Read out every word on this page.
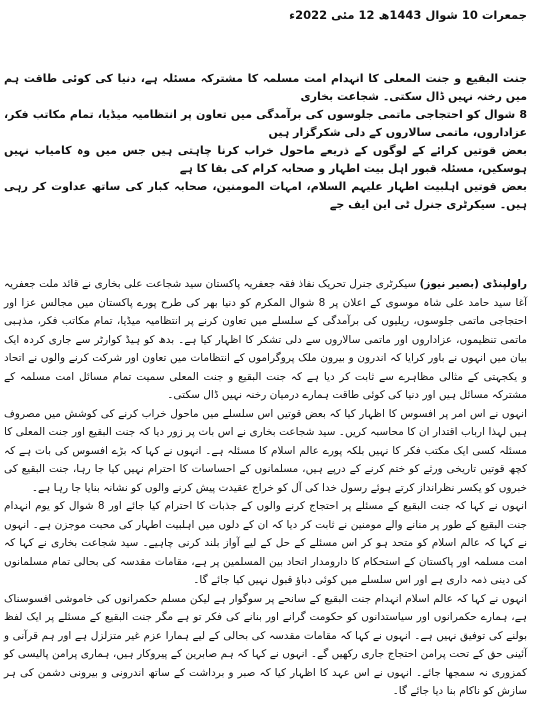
جمعرات 10 شوال 1443ھ 12 مئی 2022ء

جنت البقیع و جنت المعلی کا انہدام امت مسلمہ کا مشترکہ مسئلہ ہے، دنیا کی کوئی طاقت ہم میں رخنہ نہیں ڈال سکتی۔ شجاعت بخاری

8 شوال کو احتجاجی ماتمی جلوسوں کی برآمدگی میں تعاون پر انتظامیہ میڈیا، تمام مکاتب فکر، عزاداروں، ماتمی سالاروں کے دلی شکرگزار ہیں

بعض قوتیں کرائے کے لوگوں کے ذریعے ماحول خراب کرنا چاہتی ہیں جس میں وہ کامیاب نہیں ہوسکیں، مسئلہ قبور اہل بیت اطہار و صحابہ کرام کی بقا کا ہے

بعض قوتیں اہلبیت اطہار علیہم السلام، امہات المومنین، صحابہ کبار کی ساتھ عداوت کر رہی ہیں۔ سیکرٹری جنرل ٹی این ایف جے

راولپنڈی (بصیر نیوز) سیکرٹری جنرل تحریک نفاذ فقہ جعفریہ پاکستان سید شجاعت علی بخاری نے قائد ملت جعفریہ آغا سید حامد علی شاہ موسوی کے اعلان پر 8 شوال المکرم کو دنیا بھر کی طرح پورے پاکستان میں مجالس عزا اور احتجاجی ماتمی جلوسوں، ریلیوں کی برآمدگی کے سلسلے میں تعاون کرنے پر انتظامیہ میڈیا، تمام مکاتب فکر، مذہبی ماتمی تنظیموں، عزاداروں اور ماتمی سالاروں سے دلی تشکر کا اظہار کیا ہے۔ بدھ کو ہیڈ کوارٹر سے جاری کردہ ایک بیان میں انہوں نے باور کرایا کہ اندرون و بیرون ملک پروگراموں کے انتظامات میں تعاون اور شرکت کرنے والوں نے اتحاد و یکجہتی کے مثالی مظاہرے سے ثابت کر دیا ہے کہ جنت البقیع و جنت المعلی سمیت تمام مسائل امت مسلمہ کے مشترکہ مسائل ہیں اور دنیا کی کوئی طاقت ہمارے درمیان رخنہ نہیں ڈال سکتی۔

انہوں نے اس امر پر افسوس کا اظہار کیا کہ بعض قوتیں اس سلسلے میں ماحول خراب کرنے کی کوشش میں مصروف ہیں لہذا ارباب اقتدار ان کا محاسبہ کریں۔ سید شجاعت بخاری نے اس بات پر زور دیا کہ جنت البقیع اور جنت المعلی کا مسئلہ کسی ایک مکتب فکر کا نہیں بلکہ پورے عالم اسلام کا مسئلہ ہے۔ انہوں نے کہا کہ بڑے افسوس کی بات ہے کہ کچھ قوتیں تاریخی ورثے کو ختم کرنے کے درپے ہیں، مسلمانوں کے احساسات کا احترام نہیں کیا جا رہا، جنت البقیع کی خبروں کو یکسر نظرانداز کرتے ہوئے رسول خدا کی آل کو خراج عقیدت پیش کرنے والوں کو نشانہ بنایا جا رہا ہے۔

انہوں نے کہا کہ جنت البقیع کے مسئلے پر احتجاج کرنے والوں کے جذبات کا احترام کیا جائے اور 8 شوال کو یوم انہدام جنت البقیع کے طور پر منانے والے مومنین نے ثابت کر دیا کہ ان کے دلوں میں اہلبیت اطہار کی محبت موجزن ہے۔ انہوں نے کہا کہ عالم اسلام کو متحد ہو کر اس مسئلے کے حل کے لیے آواز بلند کرنی چاہیے۔ سید شجاعت بخاری نے کہا کہ امت مسلمہ اور پاکستان کے استحکام کا دارومدار اتحاد بین المسلمین پر ہے، مقامات مقدسہ کی بحالی تمام مسلمانوں کی دینی ذمہ داری ہے اور اس سلسلے میں کوئی دباؤ قبول نہیں کیا جائے گا۔

انہوں نے کہا کہ عالم اسلام انہدام جنت البقیع کے سانحے پر سوگوار ہے لیکن مسلم حکمرانوں کی خاموشی افسوسناک ہے، ہمارے حکمرانوں اور سیاستدانوں کو حکومت گرانے اور بنانے کی فکر تو ہے مگر جنت البقیع کے مسئلے پر ایک لفظ بولنے کی توفیق نہیں ہے۔ انہوں نے کہا کہ مقامات مقدسہ کی بحالی کے لیے ہمارا عزم غیر متزلزل ہے اور ہم قرآنی و آئینی حق کے تحت پرامن احتجاج جاری رکھیں گے۔ انہوں نے کہا کہ ہم صابرین کے پیروکار ہیں، ہماری پرامن پالیسی کو کمزوری نہ سمجھا جائے۔ انہوں نے اس عہد کا اظہار کیا کہ صبر و برداشت کے ساتھ اندرونی و بیرونی دشمن کی ہر سازش کو ناکام بنا دیا جائے گا۔
